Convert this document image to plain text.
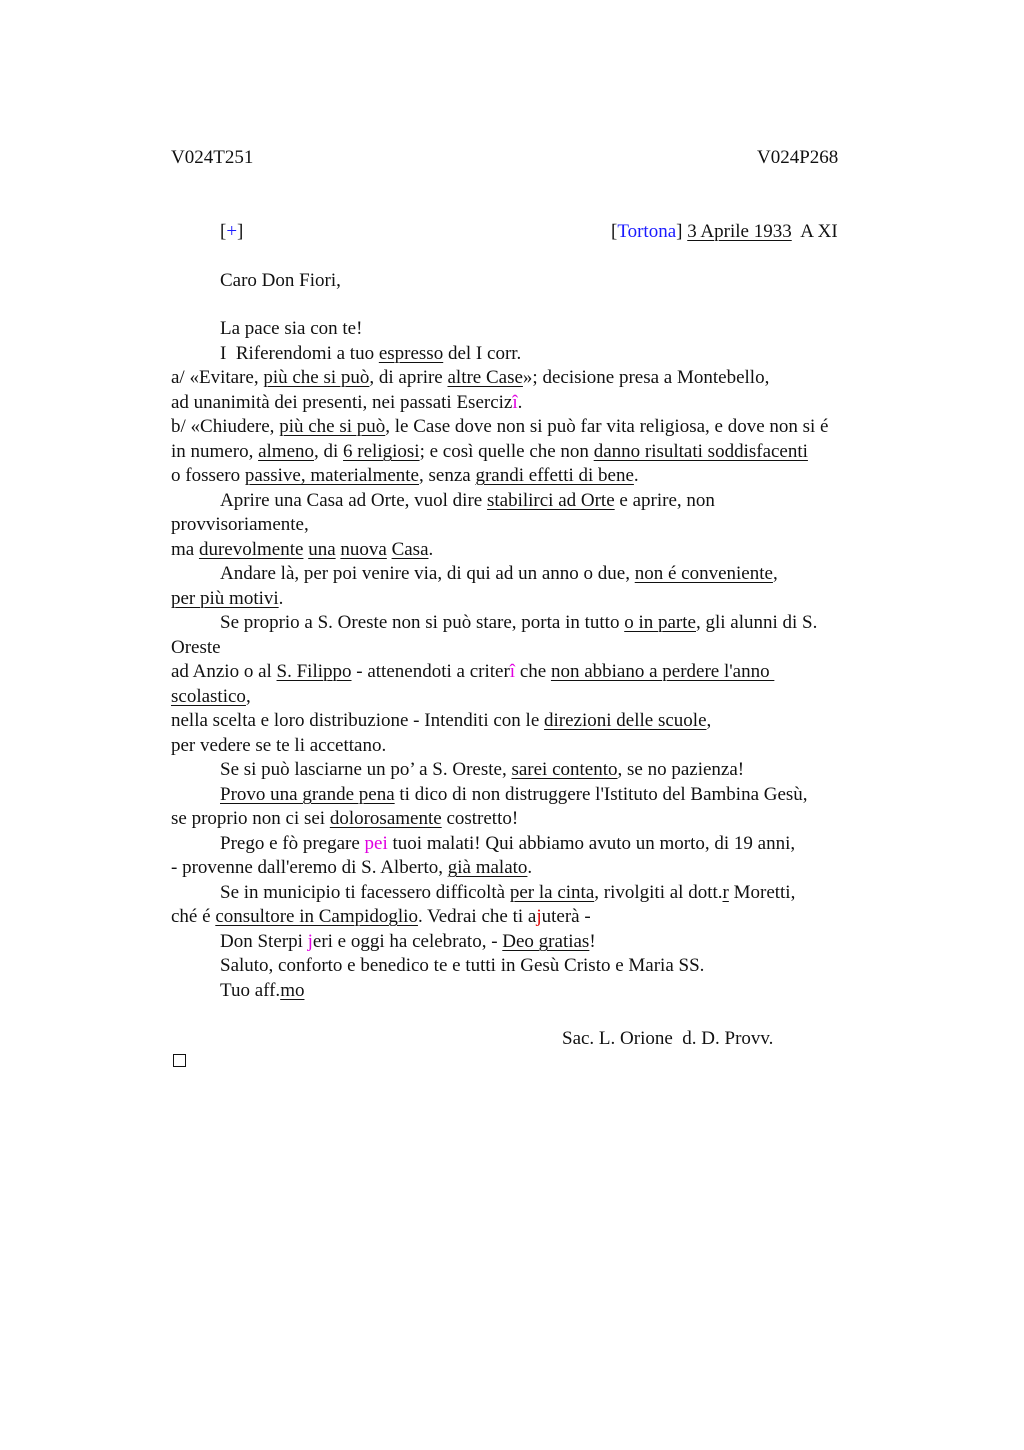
V024T251	V024P268
[+]	[Tortona] 3 Aprile 1933 A XI
Caro Don Fiori,
La pace sia con te!
I  Riferendomi a tuo espresso del I corr.
a/ «Evitare, più che si può, di aprire altre Case»; decisione presa a Montebello,
ad unanimità dei presenti, nei passati Esercizî.
b/ «Chiudere, più che si può, le Case dove non si può far vita religiosa, e dove non si é
in numero, almeno, di 6 religiosi; e così quelle che non danno risultati soddisfacenti
o fossero passive, materialmente, senza grandi effetti di bene.
Aprire una Casa ad Orte, vuol dire stabilirci ad Orte e aprire, non
provvisoriamente,
ma durevolmente una nuova Casa.
Andare là, per poi venire via, di qui ad un anno o due, non é conveniente,
per più motivi.
Se proprio a S. Oreste non si può stare, porta in tutto o in parte, gli alunni di S.
Oreste
ad Anzio o al S. Filippo - attenendoti a criterî che non abbiano a perdere l'anno
scolastico,
nella scelta e loro distribuzione - Intenditi con le direzioni delle scuole,
per vedere se te li accettano.
Se si può lasciarne un po’ a S. Oreste, sarei contento, se no pazienza!
Provo una grande pena ti dico di non distruggere l'Istituto del Bambina Gesù,
se proprio non ci sei dolorosamente costretto!
Prego e fò pregare pei tuoi malati! Qui abbiamo avuto un morto, di 19 anni,
- provenne dall'eremo di S. Alberto, già malato.
Se in municipio ti facessero difficoltà per la cinta, rivolgiti al dott.r Moretti,
ché é consultore in Campidoglio. Vedrai che ti ajuterà -
Don Sterpi jeri e oggi ha celebrato, - Deo gratias!
Saluto, conforto e benedico te e tutti in Gesù Cristo e Maria SS.
Tuo aff.mo
Sac. L. Orione  d. D. Provv.
